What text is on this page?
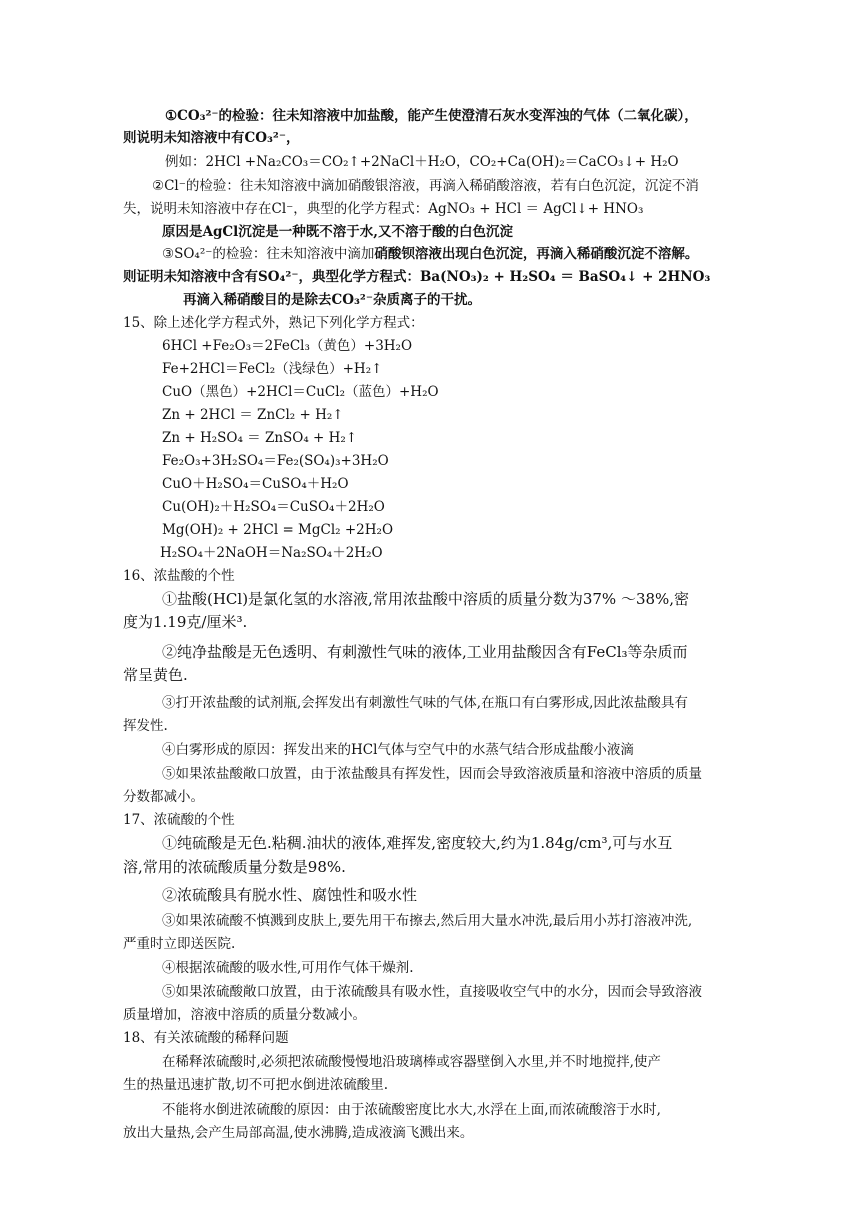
①CO₃²⁻的检验：往未知溶液中加盐酸，能产生使澄清石灰水变浑浊的气体（二氧化碳），
则说明未知溶液中有CO₃²⁻，
例如：2HCl +Na₂CO₃＝CO₂↑+2NaCl＋H₂O，CO₂+Ca(OH)₂＝CaCO₃↓+ H₂O
②Cl⁻的检验：往未知溶液中滴加硝酸银溶液，再滴入稀硝酸溶液，若有白色沉淀，沉淀不消
失，说明未知溶液中存在Cl⁻，典型的化学方程式：AgNO₃ + HCl ＝ AgCl↓+ HNO₃
原因是AgCl沉淀是一种既不溶于水,又不溶于酸的白色沉淀
③SO₄²⁻的检验：往未知溶液中滴加硝酸钡溶液出现白色沉淀，再滴入稀硝酸沉淀不溶解。
则证明未知溶液中含有SO₄²⁻，典型化学方程式：Ba(NO₃)₂ + H₂SO₄ ＝ BaSO₄↓ + 2HNO₃
再滴入稀硝酸目的是除去CO₃²⁻杂质离子的干扰。
15、除上述化学方程式外，熟记下列化学方程式：
6HCl +Fe₂O₃＝2FeCl₃（黄色）+3H₂O
Fe+2HCl＝FeCl₂（浅绿色）+H₂↑
CuO（黑色）+2HCl＝CuCl₂（蓝色）+H₂O
Zn + 2HCl ＝ ZnCl₂ + H₂↑
Zn + H₂SO₄ ＝ ZnSO₄ + H₂↑
Fe₂O₃+3H₂SO₄＝Fe₂(SO₄)₃+3H₂O
CuO＋H₂SO₄＝CuSO₄＋H₂O
Cu(OH)₂＋H₂SO₄＝CuSO₄＋2H₂O
Mg(OH)₂ + 2HCl = MgCl₂ +2H₂O
H₂SO₄＋2NaOH＝Na₂SO₄＋2H₂O
16、浓盐酸的个性
①盐酸(HCl)是氯化氢的水溶液,常用浓盐酸中溶质的质量分数为37% ～38%,密
度为1.19克/厘米³.
②纯净盐酸是无色透明、有刺激性气味的液体,工业用盐酸因含有FeCl₃等杂质而
常呈黄色.
③打开浓盐酸的试剂瓶,会挥发出有刺激性气味的气体,在瓶口有白雾形成,因此浓盐酸具有
挥发性.
④白雾形成的原因：挥发出来的HCl气体与空气中的水蒸气结合形成盐酸小液滴
⑤如果浓盐酸敞口放置，由于浓盐酸具有挥发性，因而会导致溶液质量和溶液中溶质的质量
分数都减小。
17、浓硫酸的个性
①纯硫酸是无色.粘稠.油状的液体,难挥发,密度较大,约为1.84g/cm³,可与水互
溶,常用的浓硫酸质量分数是98%.
②浓硫酸具有脱水性、腐蚀性和吸水性
③如果浓硫酸不慎溅到皮肤上,要先用干布擦去,然后用大量水冲洗,最后用小苏打溶液冲洗,
严重时立即送医院.
④根据浓硫酸的吸水性,可用作气体干燥剂.
⑤如果浓硫酸敞口放置，由于浓硫酸具有吸水性，直接吸收空气中的水分，因而会导致溶液
质量增加，溶液中溶质的质量分数减小。
18、有关浓硫酸的稀释问题
在稀释浓硫酸时,必须把浓硫酸慢慢地沿玻璃棒或容器壁倒入水里,并不时地搅拌,使产
生的热量迅速扩散,切不可把水倒进浓硫酸里.
不能将水倒进浓硫酸的原因：由于浓硫酸密度比水大,水浮在上面,而浓硫酸溶于水时,
放出大量热,会产生局部高温,使水沸腾,造成液滴飞溅出来。
